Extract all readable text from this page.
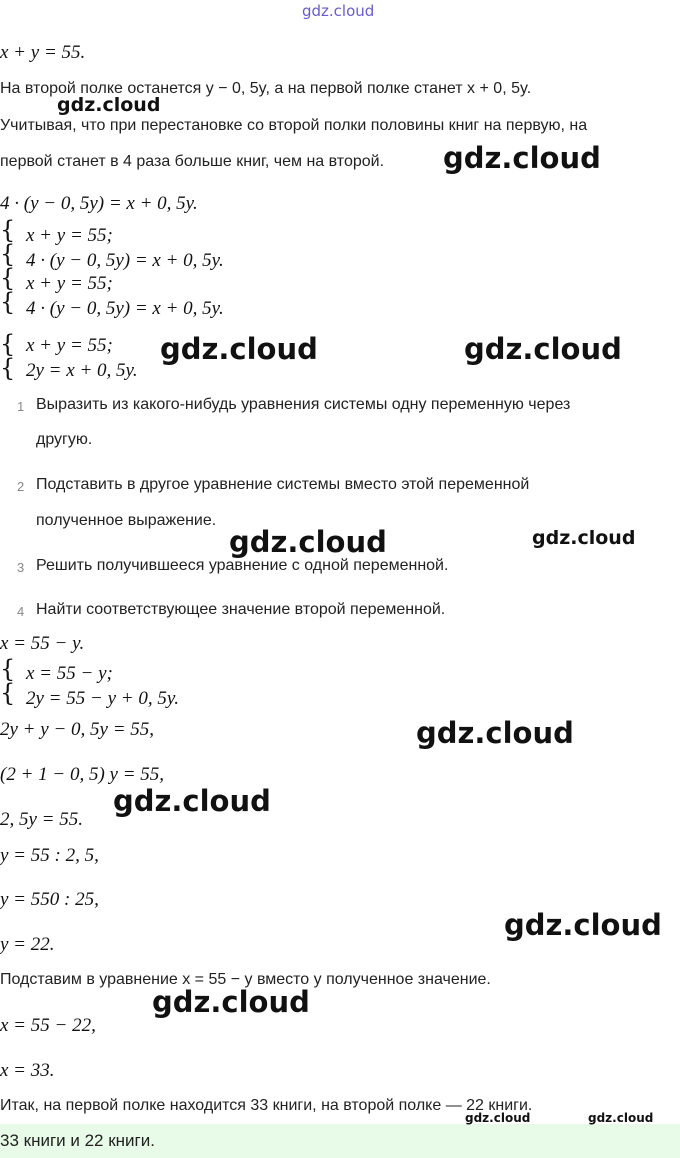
gdz.cloud
x + y = 55.
На второй полке останется y − 0, 5y, а на первой полке станет x + 0, 5y.
Учитывая, что при перестановке со второй полки половины книг на первую, на
первой станет в 4 раза больше книг, чем на второй.
4 · (y − 0, 5y) = x + 0, 5y.
{
{
{
{
x + y = 55;
4 · (y − 0, 5y) = x + 0, 5y.
x + y = 55;
4 · (y − 0, 5y) = x + 0, 5y.
{
{
x + y = 55;
2y = x + 0, 5y.
1 Выразить из какого-нибудь уравнения системы одну переменную через
другую.
2 Подставить в другое уравнение системы вместо этой переменной
полученное выражение.
3 Решить получившееся уравнение с одной переменной.
4 Найти соответствующее значение второй переменной.
x = 55 − y.
{
{
x = 55 − y;
2y = 55 − y + 0, 5y.
2y + y − 0, 5y = 55,
(2 + 1 − 0, 5) y = 55,
2, 5y = 55.
y = 55 : 2, 5,
y = 550 : 25,
y = 22.
Подставим в уравнение x = 55 − y вместо y полученное значение.
x = 55 − 22,
x = 33.
Итак, на первой полке находится 33 книги, на второй полке — 22 книги.
33 книги и 22 книги.
gdz.cloud
gdz.cloud
gdz.cloud	gdz.cloud
gdz.cloud	gdz.cloud
gdz.cloud
gdz.cloud
gdz.cloud
gdz.cloud
gdz.cloud	gdz.cloud
